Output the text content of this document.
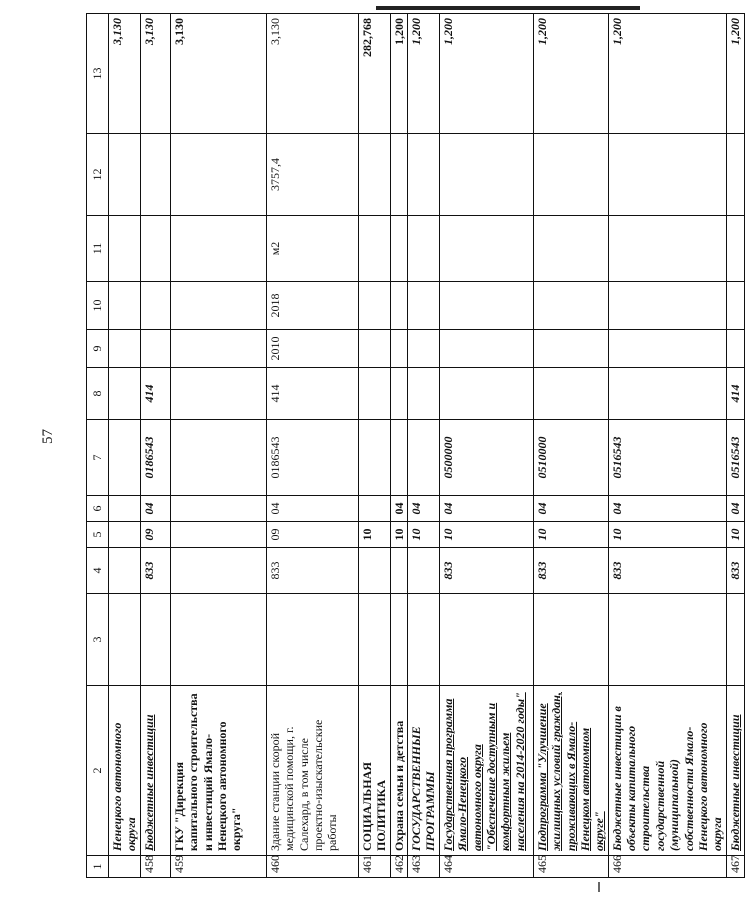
57
1	2	3	4	5	6	7	8	9	10	11	12	13
	Ненецкого автономного округа											3,130
458	Бюджетные инвестиции		833	09	04	0186543	414					3,130
459	ГКУ "Дирекция капитального строительства и инвестиций Ямало-Ненецкого автономного округа"											3,130
460	Здание станции скорой медицинской помощи, г. Салехард, в том числе проектно-изыскательские работы		833	09	04	0186543	414	2010	2018	м2	3757,4	3,130
461	СОЦИАЛЬНАЯ ПОЛИТИКА			10								282,768
462	Охрана семьи и детства			10	04							1,200
463	ГОСУДАРСТВЕННЫЕ ПРОГРАММЫ			10	04							1,200
464	Государственная программа Ямало-Ненецкого автономного округа "Обеспечение доступным и комфортным жильем населения на 2014-2020 годы"		833	10	04	0500000						1,200
465	Подпрограмма "Улучшение жилищных условий граждан, проживающих в Ямало-Ненецком автономном округе"		833	10	04	0510000						1,200
466	Бюджетные инвестиции в объекты капитального строительства государственной (муниципальной) собственности Ямало-Ненецкого автономного округа		833	10	04	0516543						1,200
467	Бюджетные инвестиции		833	10	04	0516543	414					1,200
